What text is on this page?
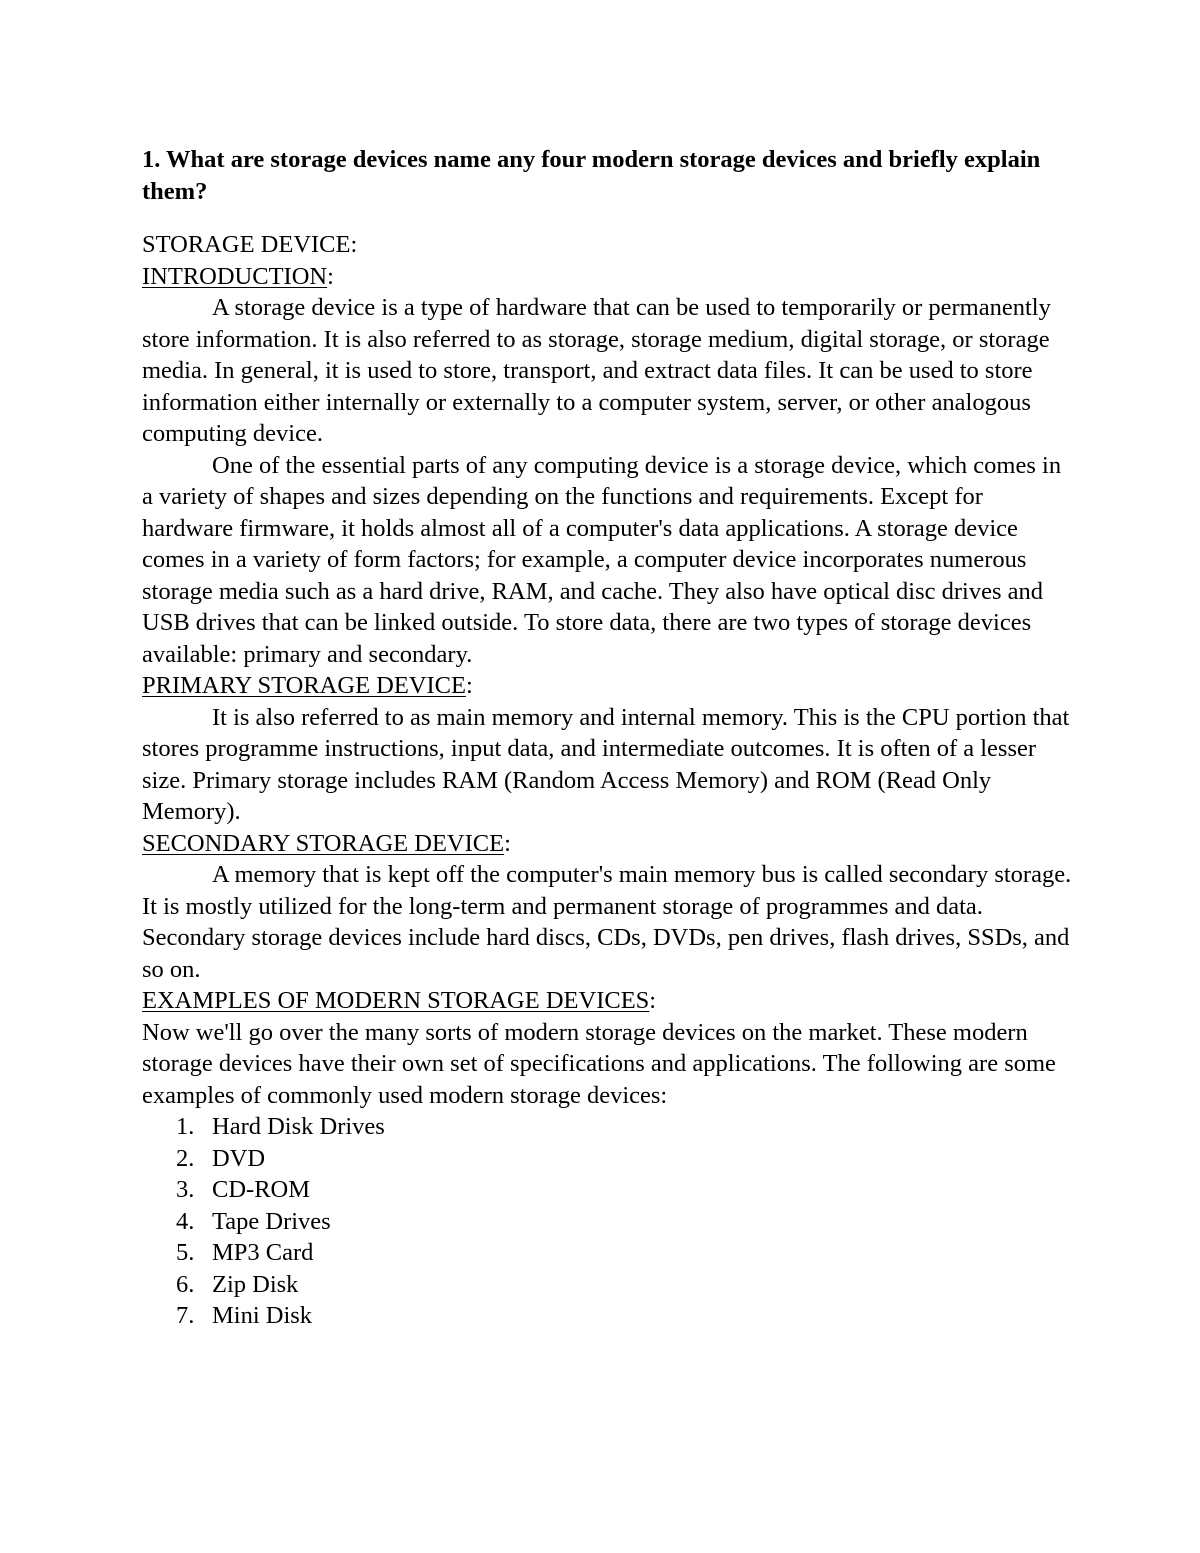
1. What are storage devices name any four modern storage devices and briefly explain them?

STORAGE DEVICE:

INTRODUCTION:

A storage device is a type of hardware that can be used to temporarily or permanently store information. It is also referred to as storage, storage medium, digital storage, or storage media. In general, it is used to store, transport, and extract data files. It can be used to store information either internally or externally to a computer system, server, or other analogous computing device.

One of the essential parts of any computing device is a storage device, which comes in a variety of shapes and sizes depending on the functions and requirements. Except for hardware firmware, it holds almost all of a computer's data applications. A storage device comes in a variety of form factors; for example, a computer device incorporates numerous storage media such as a hard drive, RAM, and cache. They also have optical disc drives and USB drives that can be linked outside. To store data, there are two types of storage devices available: primary and secondary.

PRIMARY STORAGE DEVICE:

It is also referred to as main memory and internal memory. This is the CPU portion that stores programme instructions, input data, and intermediate outcomes. It is often of a lesser size. Primary storage includes RAM (Random Access Memory) and ROM (Read Only Memory).

SECONDARY STORAGE DEVICE:

A memory that is kept off the computer's main memory bus is called secondary storage. It is mostly utilized for the long-term and permanent storage of programmes and data. Secondary storage devices include hard discs, CDs, DVDs, pen drives, flash drives, SSDs, and so on.

EXAMPLES OF MODERN STORAGE DEVICES:

Now we'll go over the many sorts of modern storage devices on the market. These modern storage devices have their own set of specifications and applications. The following are some examples of commonly used modern storage devices:

1. Hard Disk Drives
2. DVD
3. CD-ROM
4. Tape Drives
5. MP3 Card
6. Zip Disk
7. Mini Disk
